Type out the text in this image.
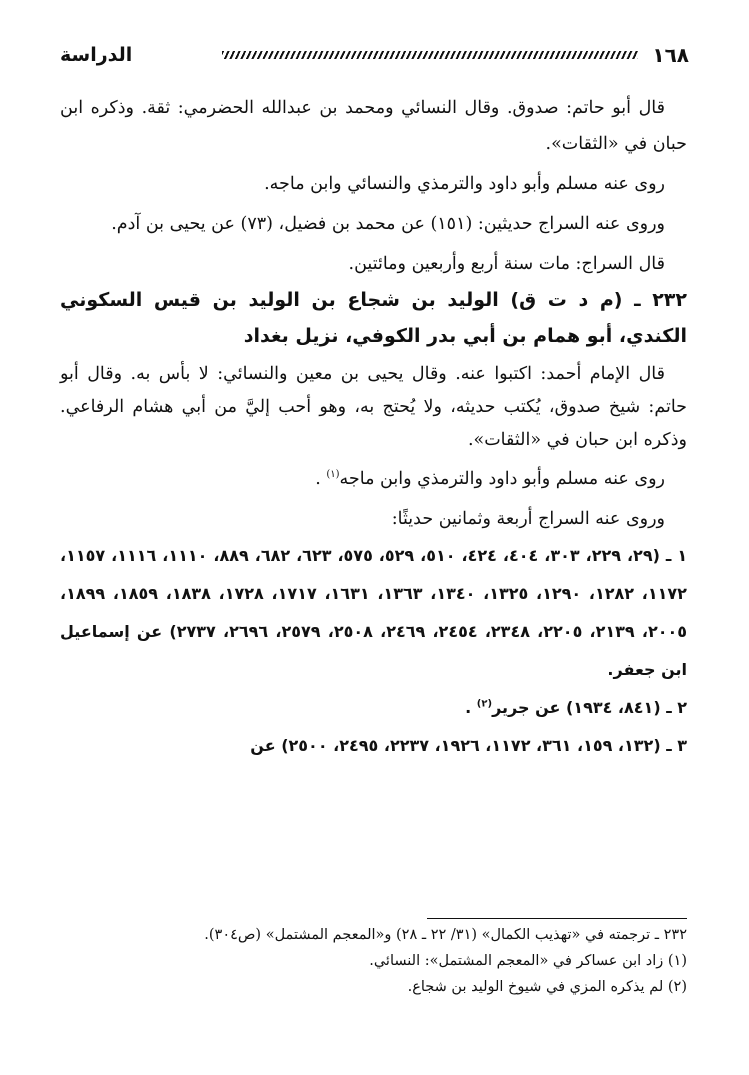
الدراسة	١٦٨

قال أبو حاتم: صدوق. وقال النسائي ومحمد بن عبدالله الحضرمي: ثقة. وذكره ابن حبان في «الثقات».

روى عنه مسلم وأبو داود والترمذي والنسائي وابن ماجه.

وروى عنه السراج حديثين: (١٥١) عن محمد بن فضيل، (٧٣) عن يحيى بن آدم.

قال السراج: مات سنة أربع وأربعين ومائتين.

٢٣٢ ـ (م د ت ق) الوليد بن شجاع بن الوليد بن قيس السكوني الكندي، أبو همام بن أبي بدر الكوفي، نزيل بغداد

قال الإمام أحمد: اكتبوا عنه. وقال يحيى بن معين والنسائي: لا بأس به. وقال أبو حاتم: شيخ صدوق، يُكتب حديثه، ولا يُحتج به، وهو أحب إليَّ من أبي هشام الرفاعي. وذكره ابن حبان في «الثقات».

روى عنه مسلم وأبو داود والترمذي وابن ماجه$^{(١)}$ .

وروى عنه السراج أربعة وثمانين حديثًا:

١ ـ (٢٩، ٢٢٩، ٣٠٣، ٤٠٤، ٤٢٤، ٥١٠، ٥٢٩، ٥٧٥، ٦٢٣، ٦٨٢، ٨٨٩، ١١١٠، ١١١٦، ١١٥٧، ١١٧٢، ١٢٨٢، ١٢٩٠، ١٣٢٥، ١٣٤٠، ١٣٦٣، ١٦٣١، ١٧١٧، ١٧٢٨، ١٨٣٨، ١٨٥٩، ١٨٩٩، ٢٠٠٥، ٢١٣٩، ٢٢٠٥، ٢٣٤٨، ٢٤٥٤، ٢٤٦٩، ٢٥٠٨، ٢٥٧٩، ٢٦٩٦، ٢٧٣٧) عن إسماعيل ابن جعفر.

٢ ـ (٨٤١، ١٩٣٤) عن جرير$^{(٢)}$ .

٣ ـ (١٣٢، ١٥٩، ٣٦١، ١١٧٢، ١٩٢٦، ٢٢٣٧، ٢٤٩٥، ٢٥٠٠) عن

٢٣٢ ـ ترجمته في «تهذيب الكمال» (٣١/ ٢٢ ـ ٢٨) و«المعجم المشتمل» (ص٣٠٤).

(١) زاد ابن عساكر في «المعجم المشتمل»: النسائي.

(٢) لم يذكره المزي في شيوخ الوليد بن شجاع.
